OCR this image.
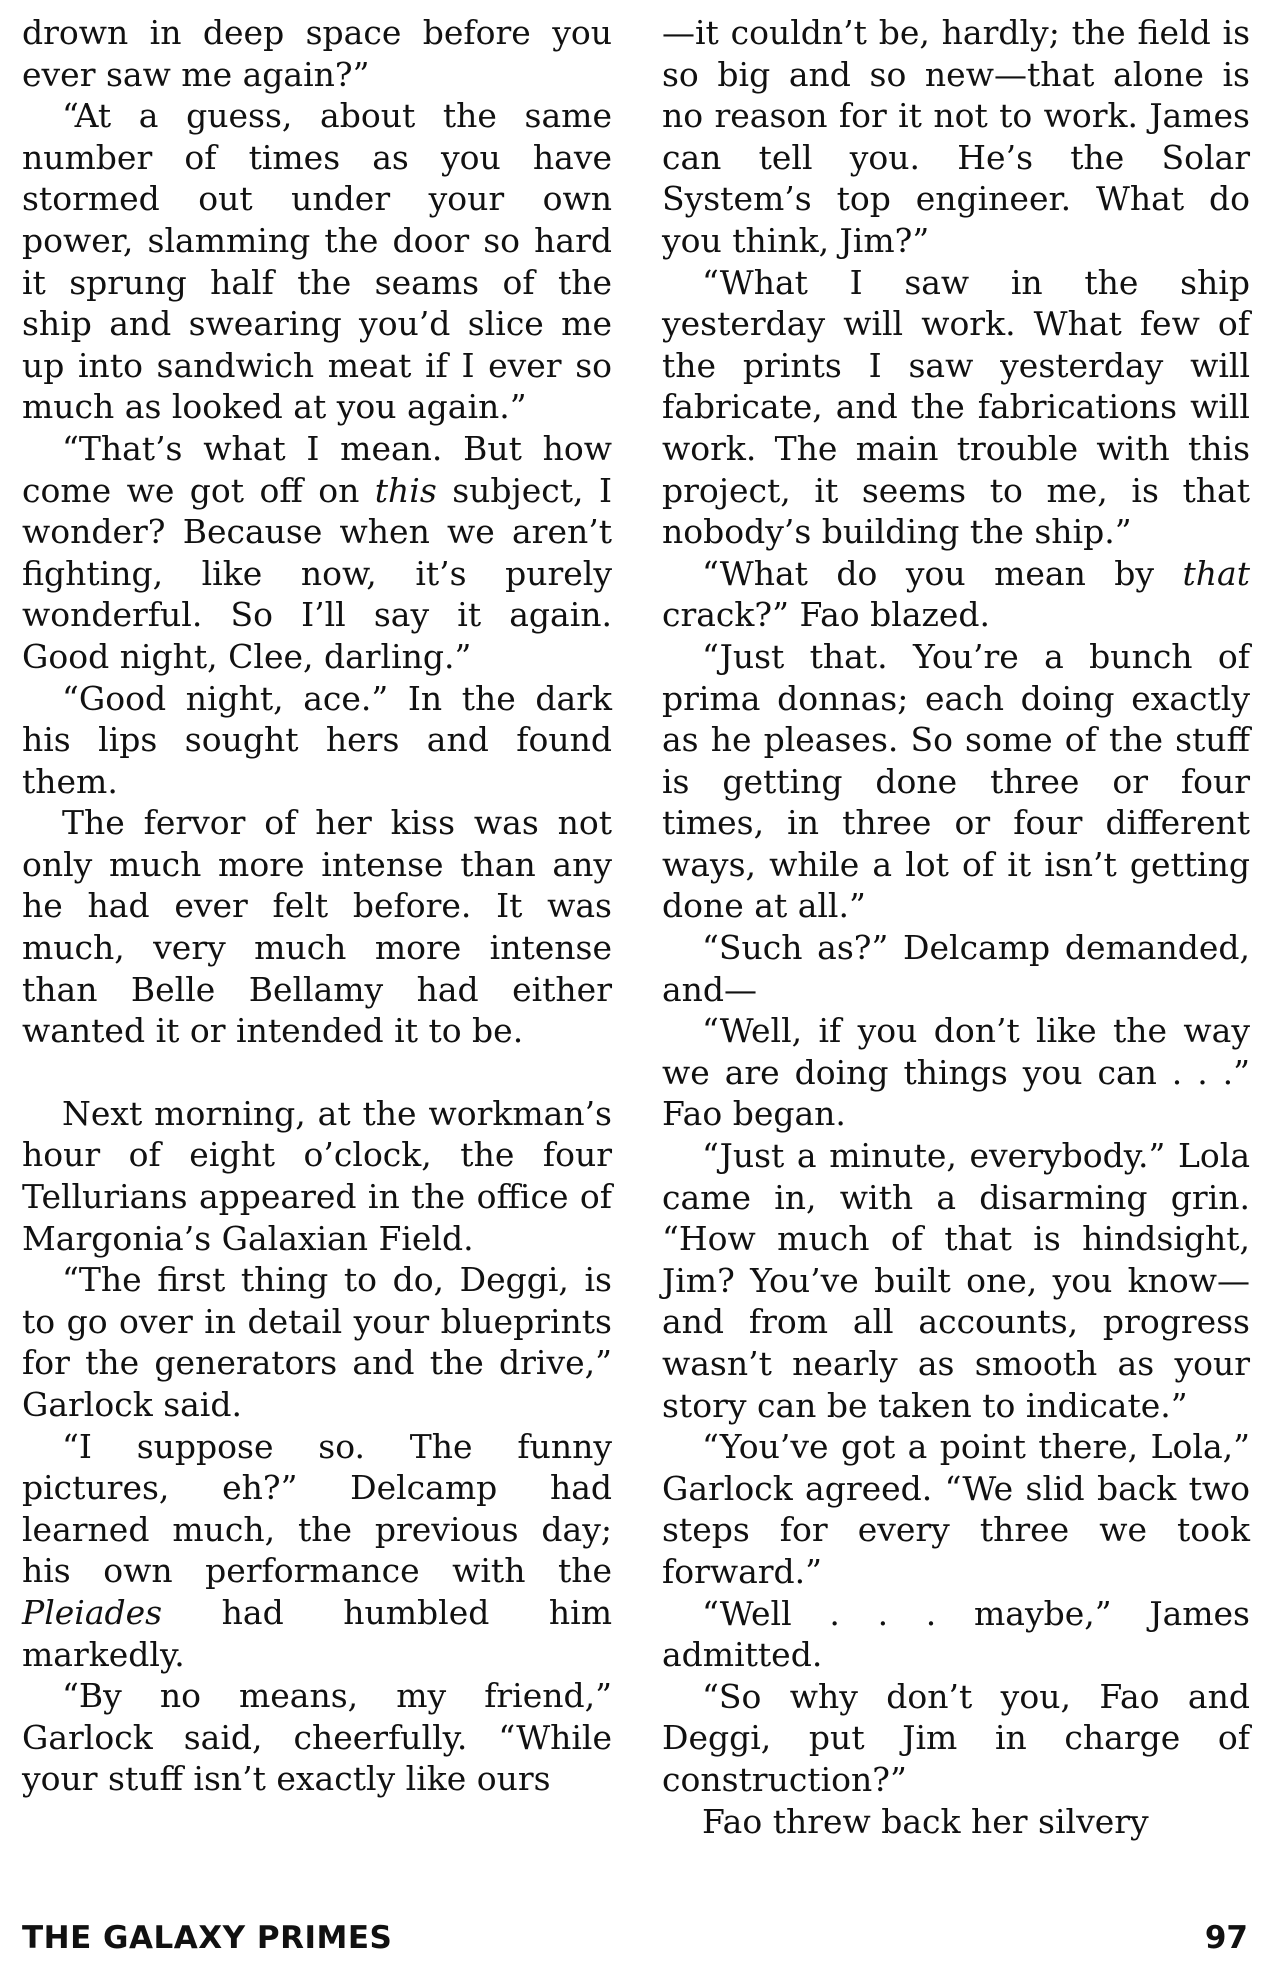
drown in deep space before you ever saw me again?”

“At a guess, about the same number of times as you have stormed out under your own power, slamming the door so hard it sprung half the seams of the ship and swearing you’d slice me up into sandwich meat if I ever so much as looked at you again.”

“That’s what I mean. But how come we got off on this subject, I wonder? Because when we aren’t fighting, like now, it’s purely wonderful. So I’ll say it again. Good night, Clee, darling.”

“Good night, ace.” In the dark his lips sought hers and found them.

The fervor of her kiss was not only much more intense than any he had ever felt before. It was much, very much more intense than Belle Bellamy had either wanted it or intended it to be.

Next morning, at the workman’s hour of eight o’clock, the four Tellurians appeared in the office of Margonia’s Galaxian Field.

“The first thing to do, Deggi, is to go over in detail your blueprints for the generators and the drive,” Garlock said.

“I suppose so. The funny pictures, eh?” Delcamp had learned much, the previous day; his own performance with the Pleiades had humbled him markedly.

“By no means, my friend,” Garlock said, cheerfully. “While your stuff isn’t exactly like ours

—it couldn’t be, hardly; the field is so big and so new—that alone is no reason for it not to work. James can tell you. He’s the Solar System’s top engineer. What do you think, Jim?”

“What I saw in the ship yesterday will work. What few of the prints I saw yesterday will fabricate, and the fabrications will work. The main trouble with this project, it seems to me, is that nobody’s building the ship.”

“What do you mean by that crack?” Fao blazed.

“Just that. You’re a bunch of prima donnas; each doing exactly as he pleases. So some of the stuff is getting done three or four times, in three or four different ways, while a lot of it isn’t getting done at all.”

“Such as?” Delcamp demanded, and—

“Well, if you don’t like the way we are doing things you can . . .” Fao began.

“Just a minute, everybody.” Lola came in, with a disarming grin. “How much of that is hindsight, Jim? You’ve built one, you know—and from all accounts, progress wasn’t nearly as smooth as your story can be taken to indicate.”

“You’ve got a point there, Lola,” Garlock agreed. “We slid back two steps for every three we took forward.”

“Well . . . maybe,” James admitted.

“So why don’t you, Fao and Deggi, put Jim in charge of construction?”

Fao threw back her silvery

THE GALAXY PRIMES	97
